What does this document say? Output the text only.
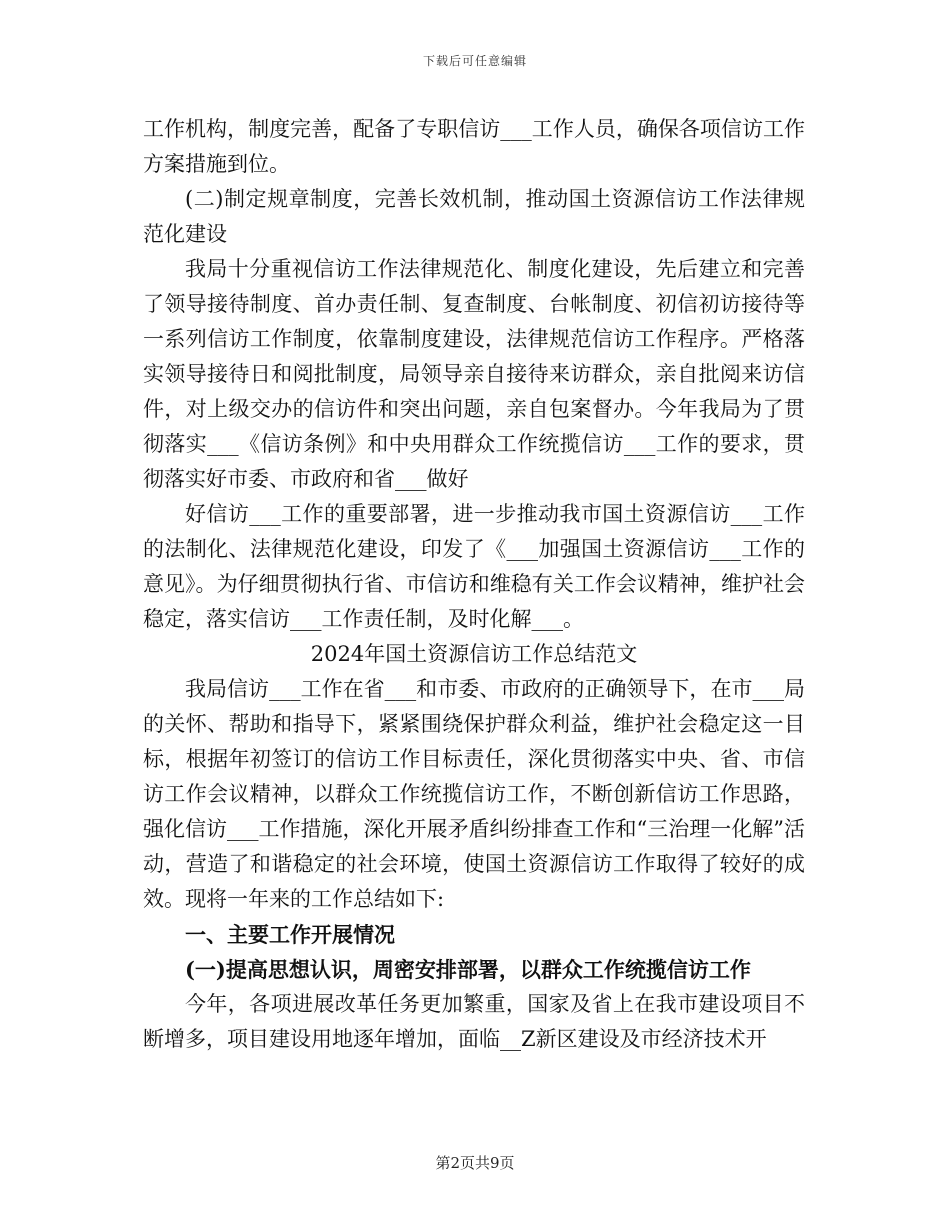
下载后可任意编辑

工作机构，制度完善，配备了专职信访___工作人员，确保各项信访工作方案措施到位。

(二)制定规章制度，完善长效机制，推动国土资源信访工作法律规范化建设

我局十分重视信访工作法律规范化、制度化建设，先后建立和完善了领导接待制度、首办责任制、复查制度、台帐制度、初信初访接待等一系列信访工作制度，依靠制度建设，法律规范信访工作程序。严格落实领导接待日和阅批制度，局领导亲自接待来访群众，亲自批阅来访信件，对上级交办的信访件和突出问题，亲自包案督办。今年我局为了贯彻落实___《信访条例》和中央用群众工作统揽信访___工作的要求，贯彻落实好市委、市政府和省___做好

好信访___工作的重要部署，进一步推动我市国土资源信访___工作的法制化、法律规范化建设，印发了《___加强国土资源信访___工作的意见》。为仔细贯彻执行省、市信访和维稳有关工作会议精神，维护社会稳定，落实信访___工作责任制，及时化解___。

2024年国土资源信访工作总结范文

我局信访___工作在省___和市委、市政府的正确领导下，在市___局的关怀、帮助和指导下，紧紧围绕保护群众利益，维护社会稳定这一目标，根据年初签订的信访工作目标责任，深化贯彻落实中央、省、市信访工作会议精神，以群众工作统揽信访工作，不断创新信访工作思路，强化信访___工作措施，深化开展矛盾纠纷排查工作和“三治理一化解”活动，营造了和谐稳定的社会环境，使国土资源信访工作取得了较好的成效。现将一年来的工作总结如下:

一、主要工作开展情况

(一)提高思想认识，周密安排部署，以群众工作统揽信访工作

今年，各项进展改革任务更加繁重，国家及省上在我市建设项目不断增多，项目建设用地逐年增加，面临__Z新区建设及市经济技术开

第2页共9页
